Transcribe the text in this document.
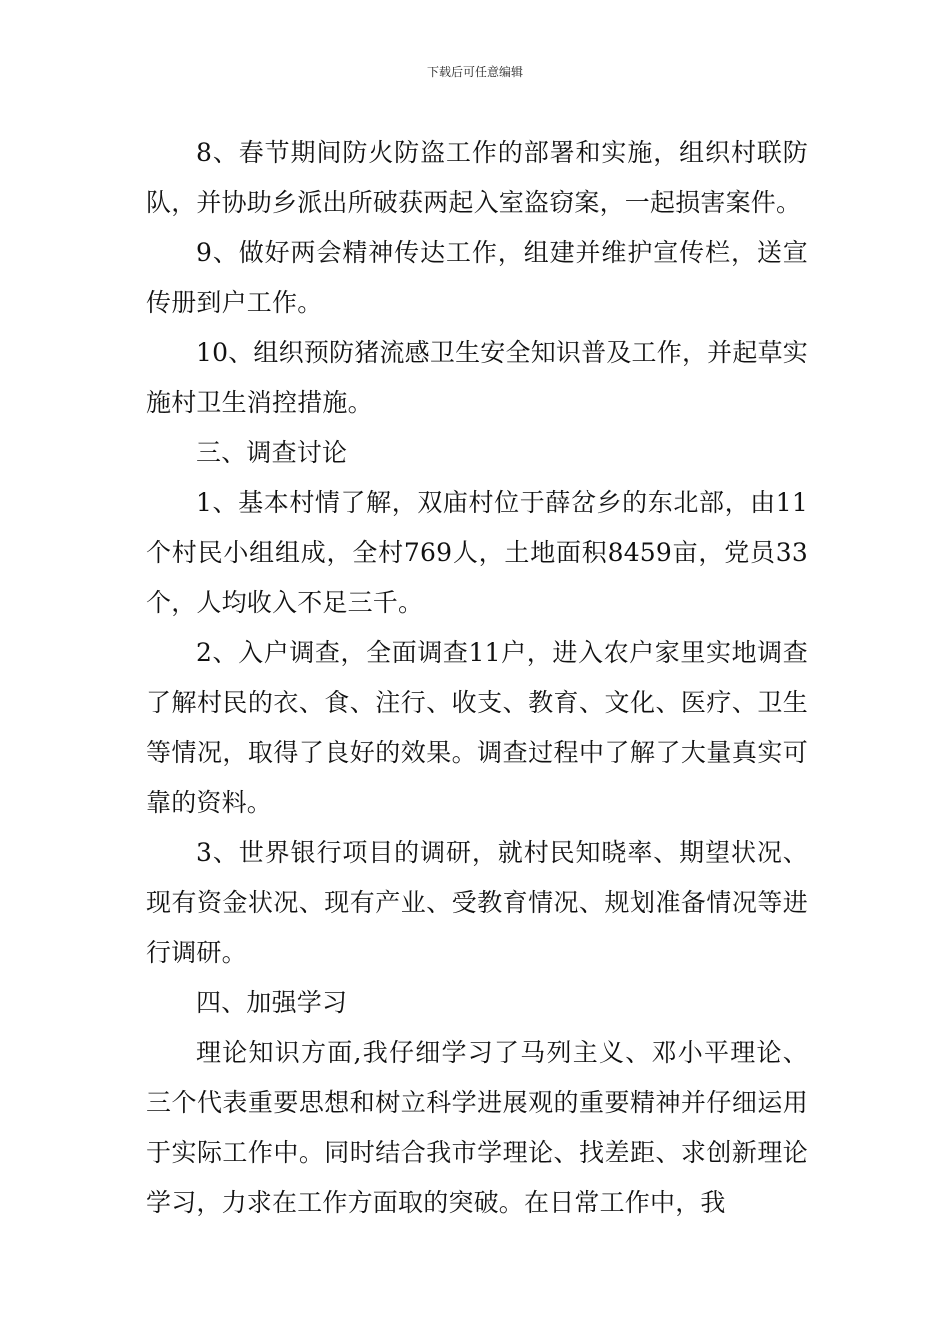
下载后可任意编辑

8、春节期间防火防盗工作的部署和实施，组织村联防队，并协助乡派出所破获两起入室盗窃案，一起损害案件。

9、做好两会精神传达工作，组建并维护宣传栏，送宣传册到户工作。

10、组织预防猪流感卫生安全知识普及工作，并起草实施村卫生消控措施。

三、调查讨论

1、基本村情了解，双庙村位于薛岔乡的东北部，由11个村民小组组成，全村769人，土地面积8459亩，党员33个，人均收入不足三千。

2、入户调查，全面调查11户，进入农户家里实地调查了解村民的衣、食、注行、收支、教育、文化、医疗、卫生等情况，取得了良好的效果。调查过程中了解了大量真实可靠的资料。

3、世界银行项目的调研，就村民知晓率、期望状况、现有资金状况、现有产业、受教育情况、规划准备情况等进行调研。

四、加强学习

理论知识方面,我仔细学习了马列主义、邓小平理论、三个代表重要思想和树立科学进展观的重要精神并仔细运用于实际工作中。同时结合我市学理论、找差距、求创新理论学习，力求在工作方面取的突破。在日常工作中，我
